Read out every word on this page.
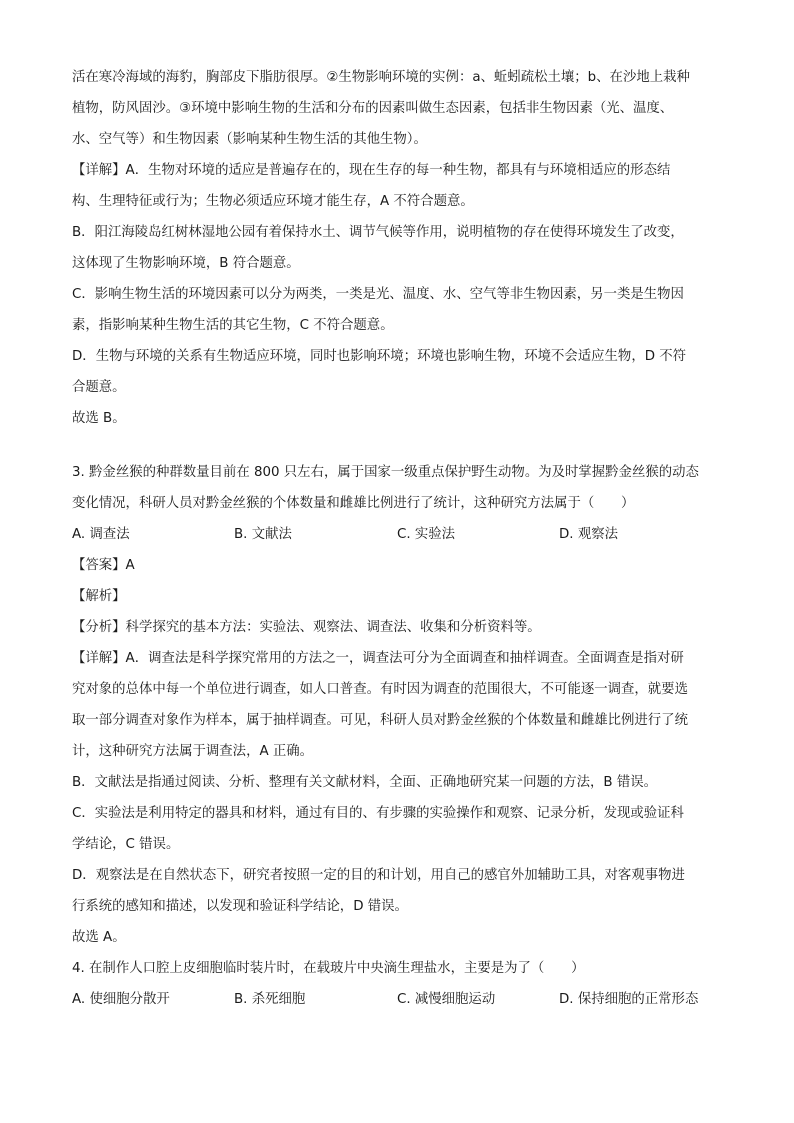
活在寒冷海域的海豹，胸部皮下脂肪很厚。②生物影响环境的实例：a、蚯蚓疏松土壤；b、在沙地上栽种
植物，防风固沙。③环境中影响生物的生活和分布的因素叫做生态因素，包括非生物因素（光、温度、
水、空气等）和生物因素（影响某种生物生活的其他生物）。
【详解】A．生物对环境的适应是普遍存在的，现在生存的每一种生物，都具有与环境相适应的形态结
构、生理特征或行为；生物必须适应环境才能生存，A 不符合题意。
B．阳江海陵岛红树林湿地公园有着保持水土、调节气候等作用，说明植物的存在使得环境发生了改变，
这体现了生物影响环境，B 符合题意。
C．影响生物生活的环境因素可以分为两类，一类是光、温度、水、空气等非生物因素，另一类是生物因
素，指影响某种生物生活的其它生物，C 不符合题意。
D．生物与环境的关系有生物适应环境，同时也影响环境；环境也影响生物，环境不会适应生物，D 不符
合题意。
故选 B。
3. 黔金丝猴的种群数量目前在 800 只左右，属于国家一级重点保护野生动物。为及时掌握黔金丝猴的动态
变化情况，科研人员对黔金丝猴的个体数量和雌雄比例进行了统计，这种研究方法属于（　　）
A. 调查法	B. 文献法	C. 实验法	D. 观察法
【答案】A
【解析】
【分析】科学探究的基本方法：实验法、观察法、调查法、收集和分析资料等。
【详解】A．调查法是科学探究常用的方法之一，调查法可分为全面调查和抽样调查。全面调查是指对研
究对象的总体中每一个单位进行调查，如人口普查。有时因为调查的范围很大，不可能逐一调查，就要选
取一部分调查对象作为样本，属于抽样调查。可见，科研人员对黔金丝猴的个体数量和雌雄比例进行了统
计，这种研究方法属于调查法，A 正确。
B．文献法是指通过阅读、分析、整理有关文献材料，全面、正确地研究某一问题的方法，B 错误。
C．实验法是利用特定的器具和材料，通过有目的、有步骤的实验操作和观察、记录分析，发现或验证科
学结论，C 错误。
D．观察法是在自然状态下，研究者按照一定的目的和计划，用自己的感官外加辅助工具，对客观事物进
行系统的感知和描述，以发现和验证科学结论，D 错误。
故选 A。
4. 在制作人口腔上皮细胞临时装片时，在载玻片中央滴生理盐水，主要是为了（　　）
A. 使细胞分散开	B. 杀死细胞	C. 减慢细胞运动	D. 保持细胞的正常形态
